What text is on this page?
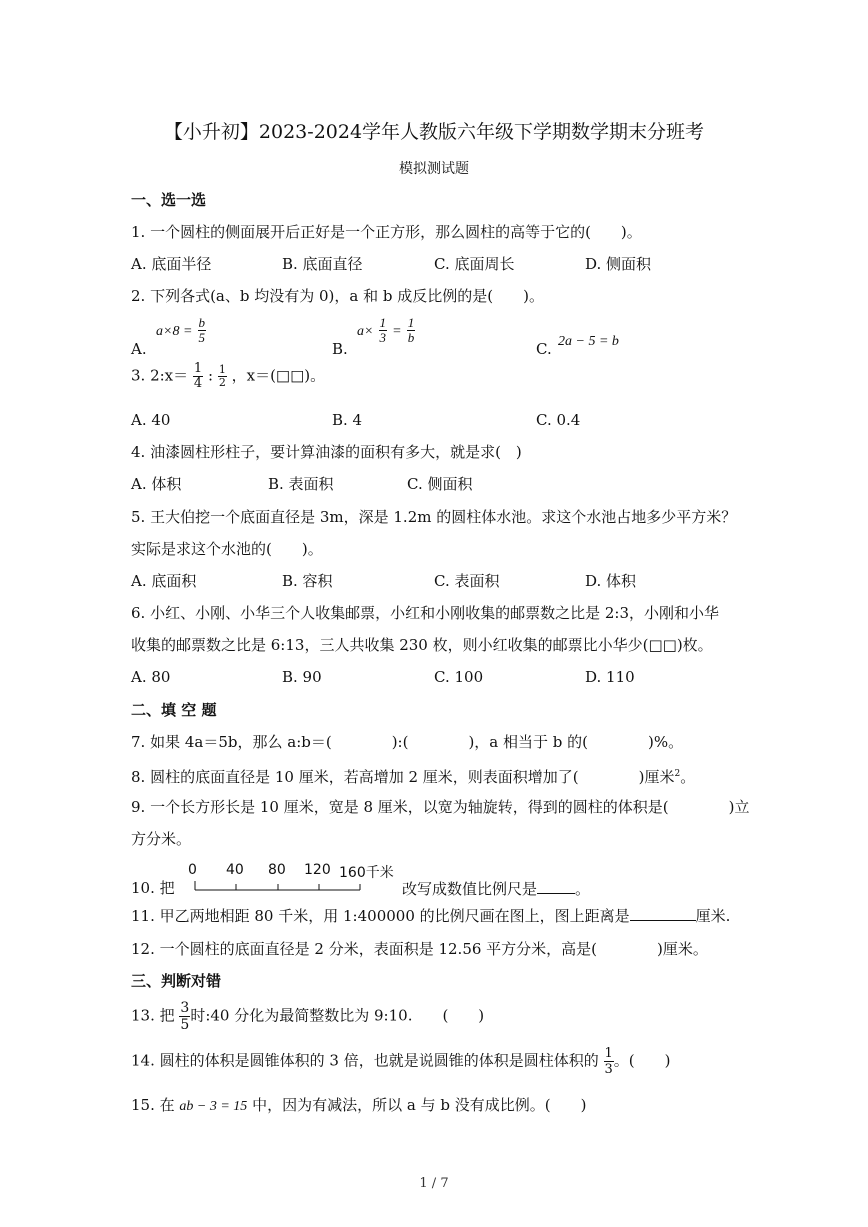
【小升初】2023-2024学年人教版六年级下学期数学期末分班考
模拟测试题
一、选一选
1. 一个圆柱的侧面展开后正好是一个正方形，那么圆柱的高等于它的(　　)。
A. 底面半径	B. 底面直径	C. 底面周长	D. 侧面积
2. 下列各式(a、b 均没有为 0)，a 和 b 成反比例的是(　　)。
A.
$a\times 8 = \frac{b}{5}$
B.
$a\times \frac{1}{3} = \frac{1}{b}$
C. 2a − 5 = b
3. 2:x＝ $\frac{1}{4}$ : $\frac{1}{2}$ ，x＝(□□)。
A. 40	B. 4	C. 0.4
4. 油漆圆柱形柱子，要计算油漆的面积有多大，就是求(　)
A. 体积	B. 表面积	C. 侧面积
5. 王大伯挖一个底面直径是 3m，深是 1.2m 的圆柱体水池。求这个水池占地多少平方米？
实际是求这个水池的(　　)。
A. 底面积	B. 容积	C. 表面积	D. 体积
6. 小红、小刚、小华三个人收集邮票，小红和小刚收集的邮票数之比是 2:3，小刚和小华
收集的邮票数之比是 6:13，三人共收集 230 枚，则小红收集的邮票比小华少(□□)枚。
A. 80	B. 90	C. 100	D. 110
二、填 空 题
7. 如果 4a＝5b，那么 a:b＝(　　　　):(　　　　)，a 相当于 b 的(　　　　)%。
8. 圆柱的底面直径是 10 厘米，若高增加 2 厘米，则表面积增加了(　　　　)厘米$^2$。
9. 一个长方形长是 10 厘米，宽是 8 厘米，以宽为轴旋转，得到的圆柱的体积是(　　　　)立
方分米。
10. 把
0 40 80 120 160千米
改写成数值比例尺是	。
11. 甲乙两地相距 80 千米，用 1:400000 的比例尺画在图上，图上距离是	厘米.
12. 一个圆柱的底面直径是 2 分米，表面积是 12.56 平方分米，高是(　　　　)厘米。
三、判断对错
13. 把 $\frac{3}{5}$ 时:40 分化为最简整数比为 9:10.　　(　　)
14. 圆柱的体积是圆锥体积的 3 倍，也就是说圆锥的体积是圆柱体积的 $\frac{1}{3}$ 。(　　)
15. 在 ab − 3 = 15 中，因为有减法，所以 a 与 b 没有成比例。(　　)
1 / 7
